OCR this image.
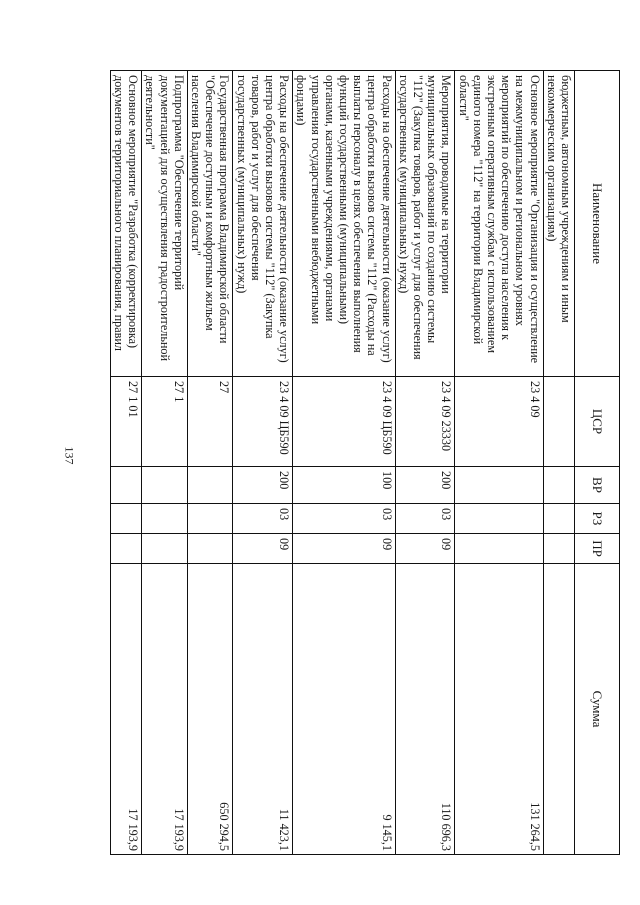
137
Наименование	ЦСР	ВР	РЗ	ПР	Сумма
бюджетным, автономным учреждениям и иным некоммерческим организациям)					
Основное мероприятие "Организация и осуществление на межмуниципальном и региональном уровнях мероприятий по обеспечению доступа населения к экстренным оперативным службам с использованием единого номера "112" на территории Владимирской области"	23 4 09				131 264,5
Мероприятия, проводимые на территории муниципальных образований по созданию системы "112" (Закупка товаров, работ и услуг для обеспечения государственных (муниципальных) нужд)	23 4 09 23330	200	03	09	110 696,3
Расходы на обеспечение деятельности (оказание услуг) центра обработки вызовов системы "112" (Расходы на выплаты персоналу в целях обеспечения выполнения функций государственными (муниципальными) органами, казенными учреждениями, органами управления государственными внебюджетными фондами)	23 4 09 ЦБ590	100	03	09	9 145,1
Расходы на обеспечение деятельности (оказание услуг) центра обработки вызовов системы "112" (Закупка товаров, работ и услуг для обеспечения государственных (муниципальных) нужд)	23 4 09 ЦБ590	200	03	09	11 423,1
Государственная программа Владимирской области "Обеспечение доступным и комфортным жильем населения Владимирской области"	27				650 294,5
Подпрограмма "Обеспечение территорий документацией для осуществления градостроительной деятельности"	27 1				17 193,9
Основное мероприятие "Разработка (корректировка) документов территориального планирования, правил	27 1 01				17 193,9
